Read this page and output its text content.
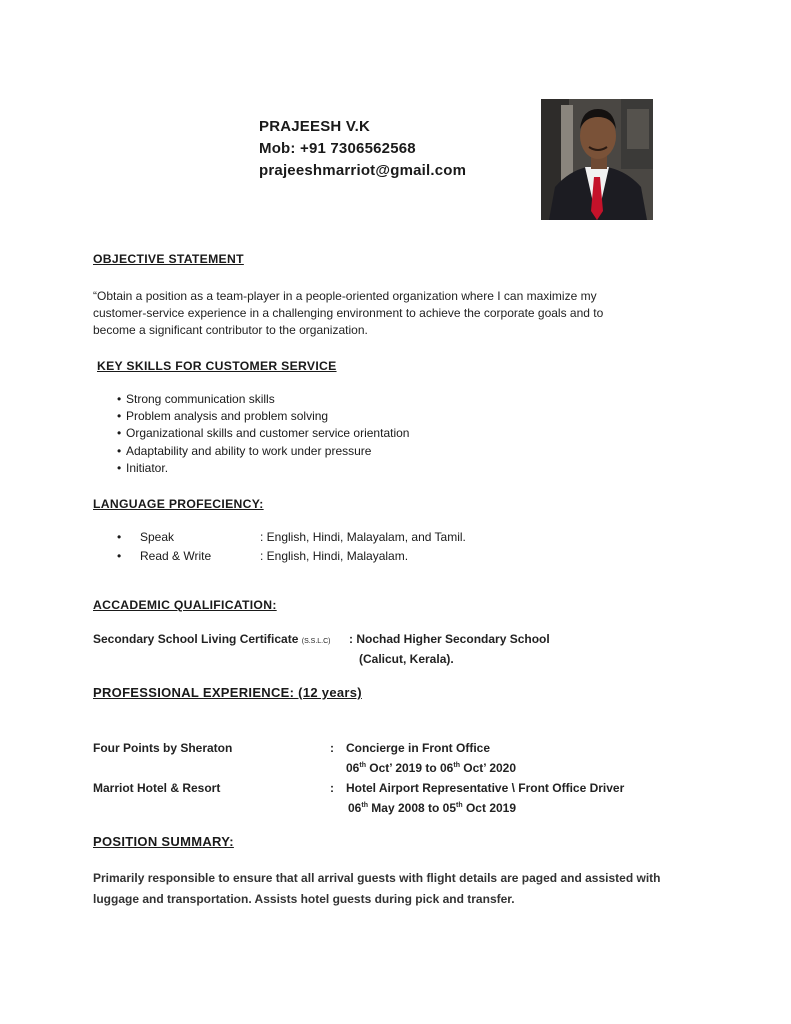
PRAJEESH V.K
Mob: +91 7306562568
prajeeshmarriot@gmail.com
OBJECTIVE STATEMENT
“Obtain a position as a team-player in a people-oriented organization where I can maximize my
customer-service experience in a challenging environment to achieve the corporate goals and to
become a significant contributor to the organization.
KEY SKILLS FOR CUSTOMER SERVICE
• Strong communication skills
• Problem analysis and problem solving
• Organizational skills and customer service orientation
• Adaptability and ability to work under pressure
• Initiator.
LANGUAGE PROFECIENCY:
• Speak	: English, Hindi, Malayalam, and Tamil.
• Read & Write	: English, Hindi, Malayalam.
ACCADEMIC QUALIFICATION:
Secondary School Living Certificate (S.S.L.C) : Nochad Higher Secondary School
(Calicut, Kerala).
PROFESSIONAL EXPERIENCE: (12 years)
Four Points by Sheraton	: Concierge in Front Office
06th Oct’ 2019 to 06th Oct’ 2020
Marriot Hotel & Resort	: Hotel Airport Representative \ Front Office Driver
06th May 2008 to 05th Oct 2019
POSITION SUMMARY:
Primarily responsible to ensure that all arrival guests with flight details are paged and assisted with
luggage and transportation. Assists hotel guests during pick and transfer.
